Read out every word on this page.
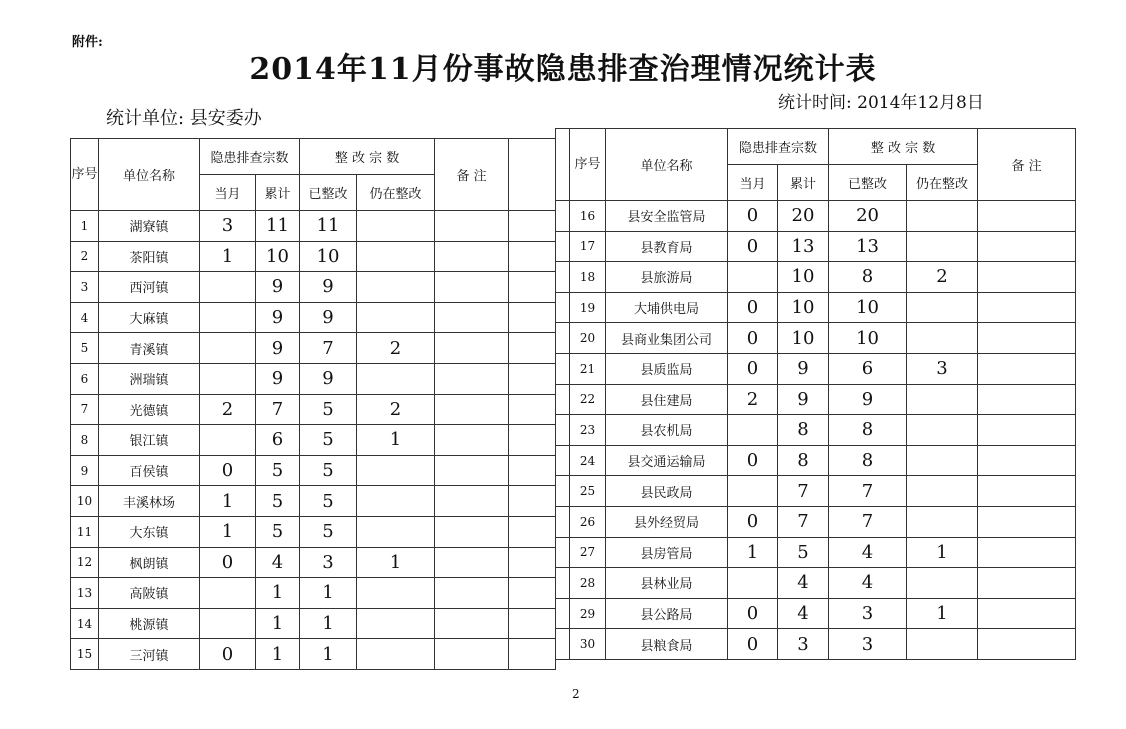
附件:
2014年11月份事故隐患排查治理情况统计表
统计单位: 县安委办
统计时间: 2014年12月8日
序号	单位名称	隐患排查宗数		整 改 宗 数		备 注	
		当月	累计	已整改	仍在整改		
1	湖寮镇	3	11	11			
2	茶阳镇	1	10	10			
3	西河镇		9	9			
4	大麻镇		9	9			
5	青溪镇		9	7	2		
6	洲瑞镇		9	9			
7	光德镇	2	7	5	2		
8	银江镇		6	5	1		
9	百侯镇	0	5	5			
10	丰溪林场	1	5	5			
11	大东镇	1	5	5			
12	枫朗镇	0	4	3	1		
13	高陂镇		1	1			
14	桃源镇		1	1			
15	三河镇	0	1	1			
	序号	单位名称	隐患排查宗数		整 改 宗 数		备 注
			当月	累计	已整改	仍在整改	
	16	县安全监管局	0	20	20		
	17	县教育局	0	13	13		
	18	县旅游局		10	8	2	
	19	大埔供电局	0	10	10		
	20	县商业集团公司	0	10	10		
	21	县质监局	0	9	6	3	
	22	县住建局	2	9	9		
	23	县农机局		8	8		
	24	县交通运输局	0	8	8		
	25	县民政局		7	7		
	26	县外经贸局	0	7	7		
	27	县房管局	1	5	4	1	
	28	县林业局		4	4		
	29	县公路局	0	4	3	1	
	30	县粮食局	0	3	3		
2
